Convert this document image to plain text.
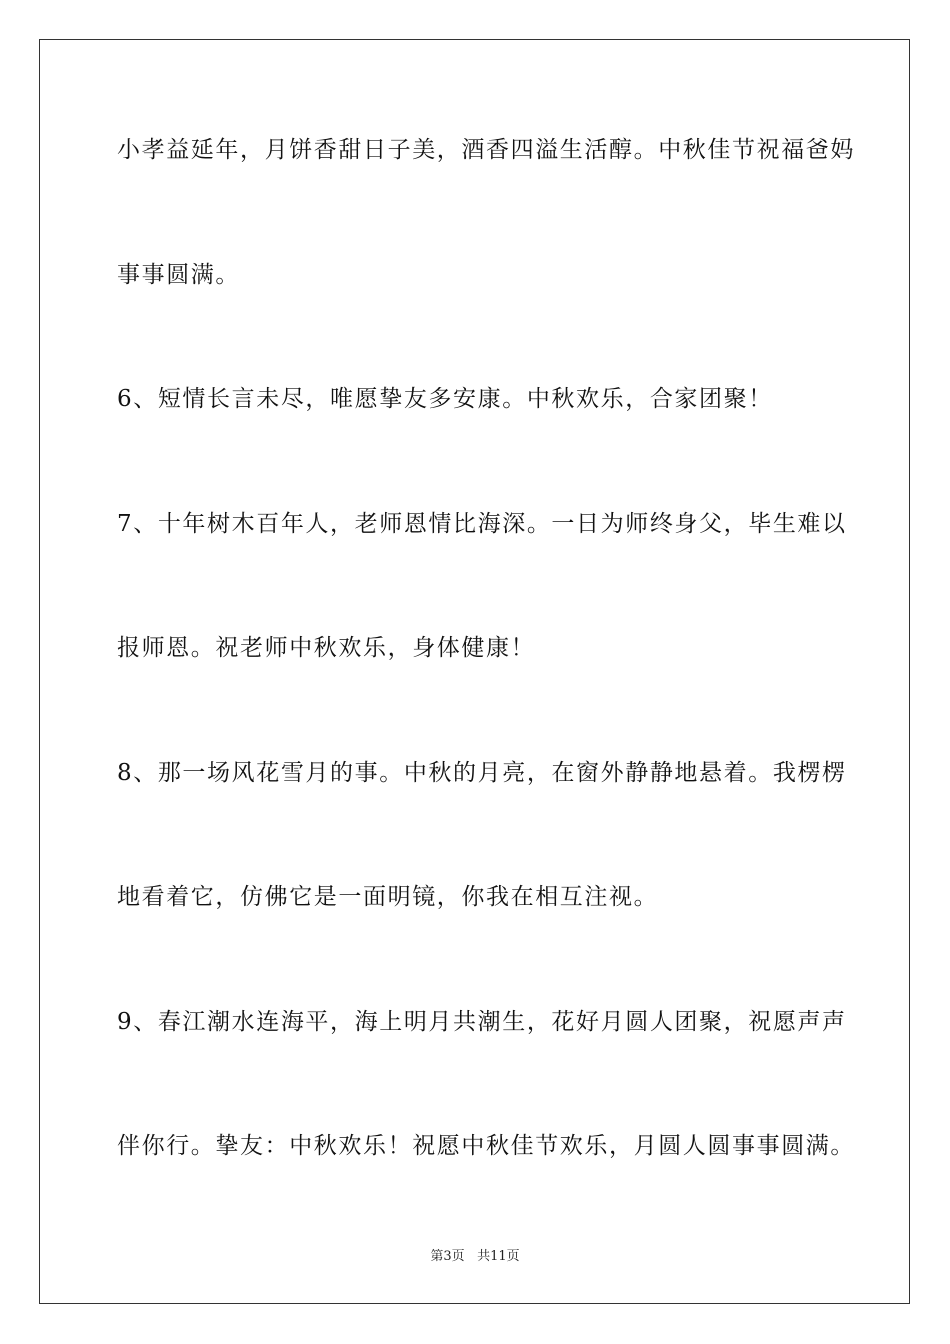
小孝益延年，月饼香甜日子美，酒香四溢生活醇。中秋佳节祝福爸妈
事事圆满。
6、短情长言未尽，唯愿挚友多安康。中秋欢乐，合家团聚！
7、十年树木百年人，老师恩情比海深。一日为师终身父，毕生难以
报师恩。祝老师中秋欢乐，身体健康！
8、那一场风花雪月的事。中秋的月亮，在窗外静静地悬着。我楞楞
地看着它，仿佛它是一面明镜，你我在相互注视。
9、春江潮水连海平，海上明月共潮生，花好月圆人团聚，祝愿声声
伴你行。挚友：中秋欢乐！祝愿中秋佳节欢乐，月圆人圆事事圆满。
第3页 共11页
